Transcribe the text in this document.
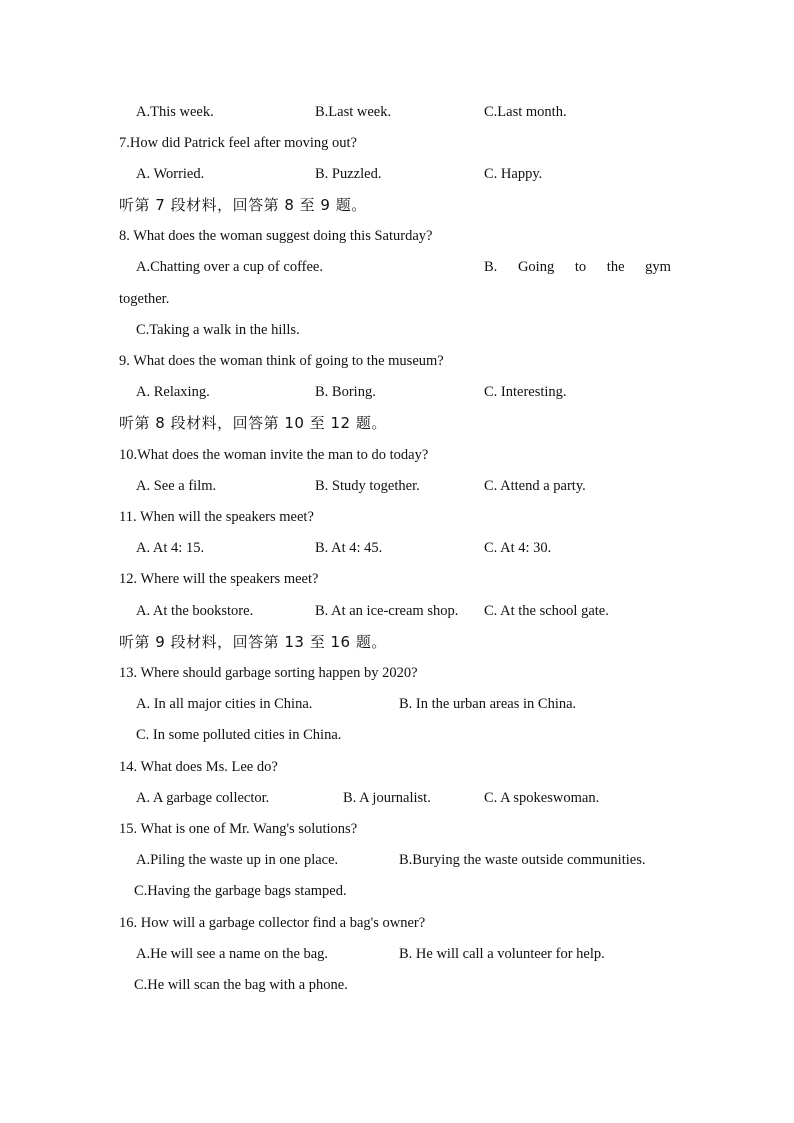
A.This week.	B.Last week.	C.Last month.
7.How did Patrick feel after moving out?
A. Worried.	B. Puzzled.	C. Happy.
听第 7 段材料，回答第 8 至 9 题。
8. What does the woman suggest doing this Saturday?
A.Chatting over a cup of coffee.	B. Going to the gym
together.
C.Taking a walk in the hills.
9. What does the woman think of going to the museum?
A. Relaxing.	B. Boring.	C. Interesting.
听第 8 段材料，回答第 10 至 12 题。
10.What does the woman invite the man to do today?
A. See a film.	B. Study together.	C. Attend a party.
11. When will the speakers meet?
A. At 4: 15.	B. At 4: 45.	C. At 4: 30.
12. Where will the speakers meet?
A. At the bookstore.	B. At an ice-cream shop. C. At the school gate.
听第 9 段材料，回答第 13 至 16 题。
13. Where should garbage sorting happen by 2020?
A. In all major cities in China.	B. In the urban areas in China.
C. In some polluted cities in China.
14. What does Ms. Lee do?
A. A garbage collector.	B. A journalist.	C. A spokeswoman.
15. What is one of Mr. Wang's solutions?
A.Piling the waste up in one place.	B.Burying the waste outside communities.
C.Having the garbage bags stamped.
16. How will a garbage collector find a bag's owner?
A.He will see a name on the bag.	B. He will call a volunteer for help.
C.He will scan the bag with a phone.
